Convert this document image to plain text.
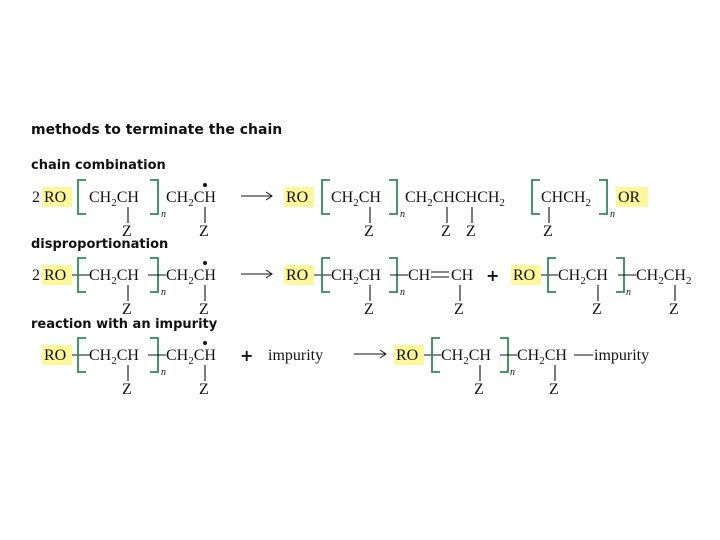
methods to terminate the chain
chain combination
disproportionation
reaction with an impurity
2 RO $CH_2CH$
Z
n
$CH_2CH$
Z
RO $CH_2CH$
Z
n
$CH_2CHCHCH_2$
Z Z
$CHCH_2$
Z
n
OR
2 RO $CH_2CH$
Z
n
$CH_2CH$
Z
RO $CH_2CH$
Z
n
CH CH
Z
+ RO $CH_2CH$
Z
n
$CH_2CH_2$
Z
RO $CH_2CH$
Z
n
$CH_2CH$
Z
+ impurity	RO $CH_2CH$
Z
n
$CH_2CH$
Z
impurity
